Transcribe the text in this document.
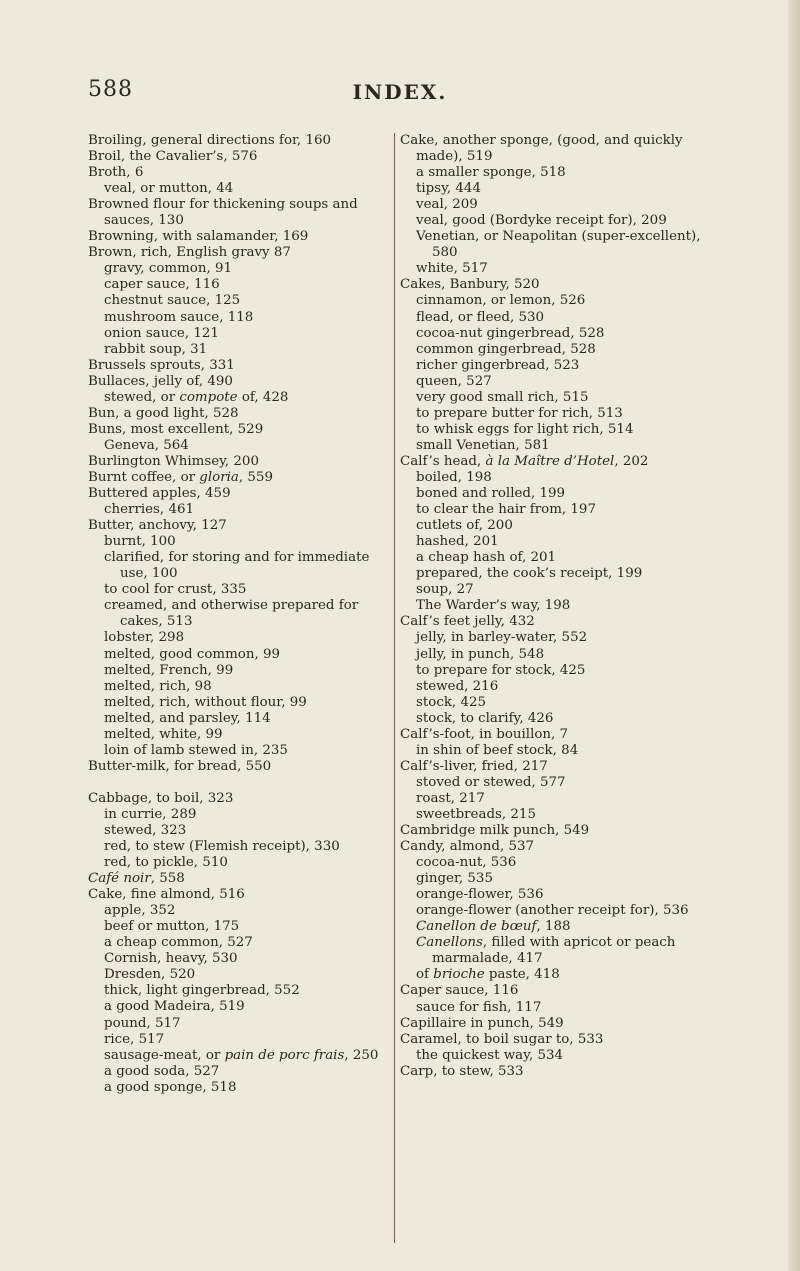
588	INDEX.
Broiling, general directions for, 160
Broil, the Cavalier’s, 576
Broth, 6
veal, or mutton, 44
Browned flour for thickening soups and sauces, 130
Browning, with salamander, 169
Brown, rich, English gravy 87
gravy, common, 91
caper sauce, 116
chestnut sauce, 125
mushroom sauce, 118
onion sauce, 121
rabbit soup, 31
Brussels sprouts, 331
Bullaces, jelly of, 490
stewed, or compote of, 428
Bun, a good light, 528
Buns, most excellent, 529
Geneva, 564
Burlington Whimsey, 200
Burnt coffee, or gloria, 559
Buttered apples, 459
cherries, 461
Butter, anchovy, 127
burnt, 100
clarified, for storing and for immediate use, 100
to cool for crust, 335
creamed, and otherwise prepared for cakes, 513
lobster, 298
melted, good common, 99
melted, French, 99
melted, rich, 98
melted, rich, without flour, 99
melted, and parsley, 114
melted, white, 99
loin of lamb stewed in, 235
Butter-milk, for bread, 550
Cabbage, to boil, 323
in currie, 289
stewed, 323
red, to stew (Flemish receipt), 330
red, to pickle, 510
Café noir, 558
Cake, fine almond, 516
apple, 352
beef or mutton, 175
a cheap common, 527
Cornish, heavy, 530
Dresden, 520
thick, light gingerbread, 552
a good Madeira, 519
pound, 517
rice, 517
sausage-meat, or pain de porc frais, 250
a good soda, 527
a good sponge, 518
Cake, another sponge, (good, and quickly made), 519
a smaller sponge, 518
tipsy, 444
veal, 209
veal, good (Bordyke receipt for), 209
Venetian, or Neapolitan (super-excellent), 580
white, 517
Cakes, Banbury, 520
cinnamon, or lemon, 526
flead, or fleed, 530
cocoa-nut gingerbread, 528
common gingerbread, 528
richer gingerbread, 523
queen, 527
very good small rich, 515
to prepare butter for rich, 513
to whisk eggs for light rich, 514
small Venetian, 581
Calf’s head, à la Maître d’Hotel, 202
boiled, 198
boned and rolled, 199
to clear the hair from, 197
cutlets of, 200
hashed, 201
a cheap hash of, 201
prepared, the cook’s receipt, 199
soup, 27
The Warder’s way, 198
Calf’s feet jelly, 432
jelly, in barley-water, 552
jelly, in punch, 548
to prepare for stock, 425
stewed, 216
stock, 425
stock, to clarify, 426
Calf’s-foot, in bouillon, 7
in shin of beef stock, 84
Calf’s-liver, fried, 217
stoved or stewed, 577
roast, 217
sweetbreads, 215
Cambridge milk punch, 549
Candy, almond, 537
cocoa-nut, 536
ginger, 535
orange-flower, 536
orange-flower (another receipt for), 536
Canellon de bœuf, 188
Canellons, filled with apricot or peach marmalade, 417
of brioche paste, 418
Caper sauce, 116
sauce for fish, 117
Capillaire in punch, 549
Caramel, to boil sugar to, 533
the quickest way, 534
Carp, to stew, 533
